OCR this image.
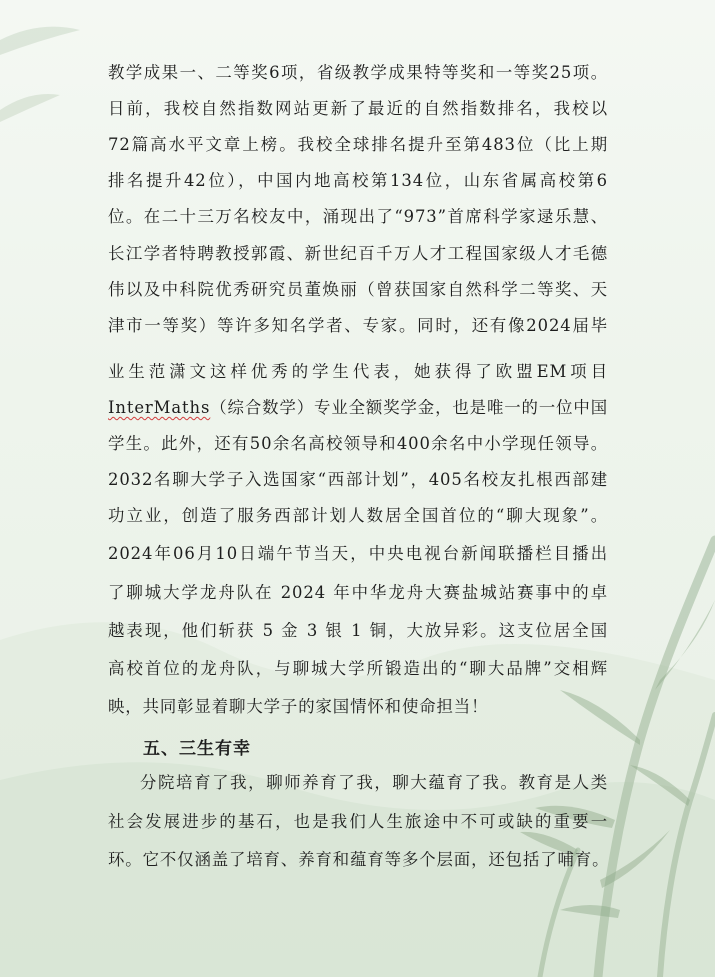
教学成果一、二等奖6项，省级教学成果特等奖和一等奖25项。
日前，我校自然指数网站更新了最近的自然指数排名，我校以
72篇高水平文章上榜。我校全球排名提升至第483位（比上期
排名提升42位），中国内地高校第134位，山东省属高校第6
位。在二十三万名校友中，涌现出了“973”首席科学家逯乐慧、
长江学者特聘教授郭霞、新世纪百千万人才工程国家级人才毛德
伟以及中科院优秀研究员董焕丽（曾获国家自然科学二等奖、天
津市一等奖）等许多知名学者、专家。同时，还有像2024届毕
业生范潇文这样优秀的学生代表，她获得了欧盟EM项目
InterMaths（综合数学）专业全额奖学金，也是唯一的一位中国
学生。此外，还有50余名高校领导和400余名中小学现任领导。
2032名聊大学子入选国家“西部计划”，405名校友扎根西部建
功立业，创造了服务西部计划人数居全国首位的“聊大现象”。
2024年06月10日端午节当天，中央电视台新闻联播栏目播出
了聊城大学龙舟队在 2024 年中华龙舟大赛盐城站赛事中的卓
越表现，他们斩获 5 金 3 银 1 铜，大放异彩。这支位居全国
高校首位的龙舟队，与聊城大学所锻造出的“聊大品牌”交相辉
映，共同彰显着聊大学子的家国情怀和使命担当！
五、三生有幸
分院培育了我，聊师养育了我，聊大蕴育了我。教育是人类
社会发展进步的基石，也是我们人生旅途中不可或缺的重要一
环。它不仅涵盖了培育、养育和蕴育等多个层面，还包括了哺育。
